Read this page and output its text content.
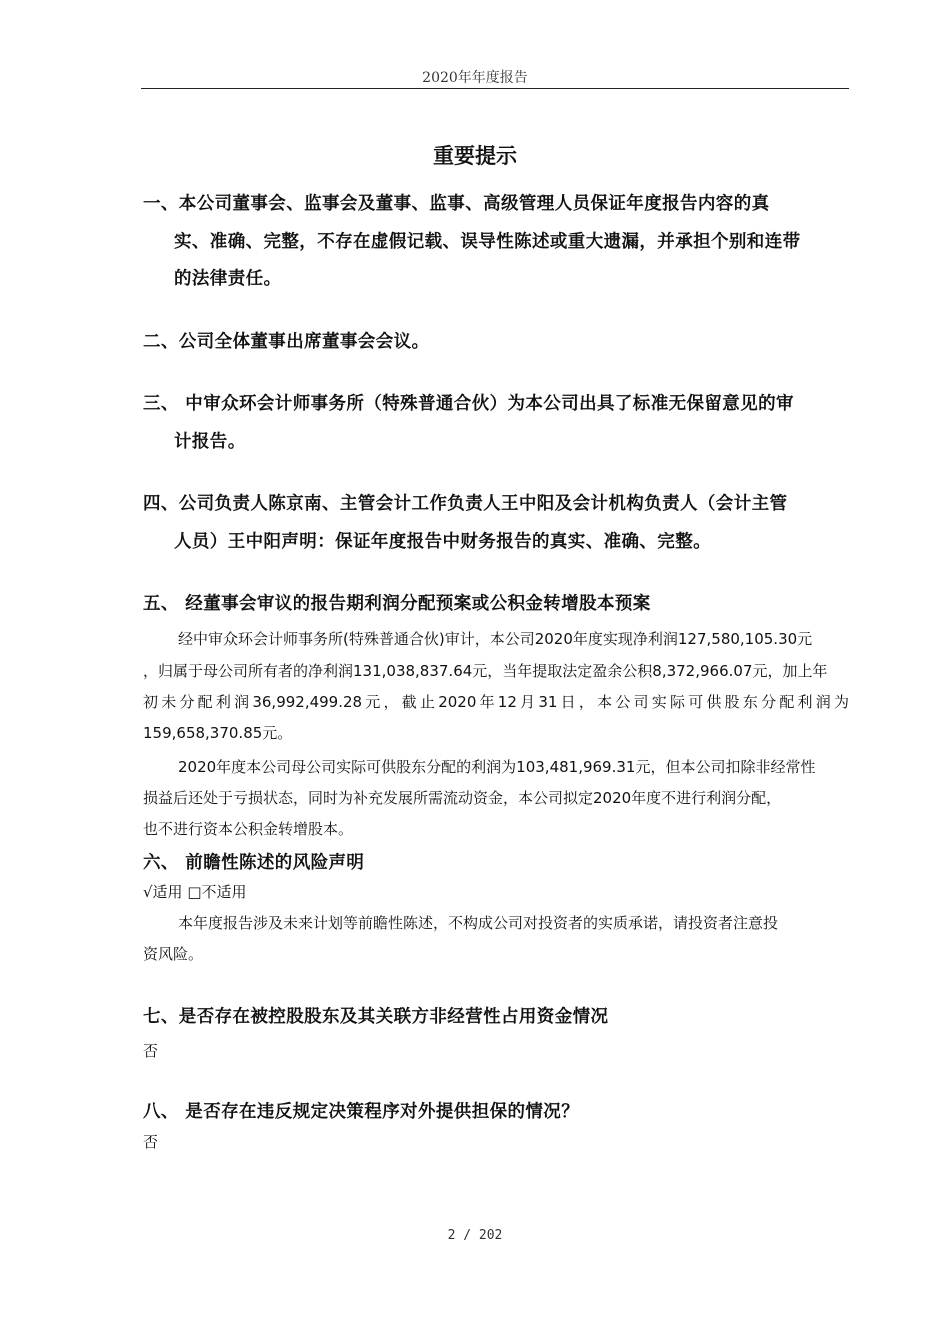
2020年年度报告
重要提示
一、本公司董事会、监事会及董事、监事、高级管理人员保证年度报告内容的真
实、准确、完整，不存在虚假记载、误导性陈述或重大遗漏，并承担个别和连带
的法律责任。
二、公司全体董事出席董事会会议。
三、 中审众环会计师事务所（特殊普通合伙）为本公司出具了标准无保留意见的审
计报告。
四、公司负责人陈京南、主管会计工作负责人王中阳及会计机构负责人（会计主管
人员）王中阳声明：保证年度报告中财务报告的真实、准确、完整。
五、 经董事会审议的报告期利润分配预案或公积金转增股本预案
经中审众环会计师事务所(特殊普通合伙)审计，本公司2020年度实现净利润127,580,105.30元
，归属于母公司所有者的净利润131,038,837.64元，当年提取法定盈余公积8,372,966.07元，加上年
初未分配利润36,992,499.28元，截止2020年12月31日，本公司实际可供股东分配利润为
159,658,370.85元。
2020年度本公司母公司实际可供股东分配的利润为103,481,969.31元，但本公司扣除非经常性
损益后还处于亏损状态，同时为补充发展所需流动资金，本公司拟定2020年度不进行利润分配，
也不进行资本公积金转增股本。
六、 前瞻性陈述的风险声明
√适用 □不适用
本年度报告涉及未来计划等前瞻性陈述，不构成公司对投资者的实质承诺，请投资者注意投
资风险。
七、是否存在被控股股东及其关联方非经营性占用资金情况
否
八、 是否存在违反规定决策程序对外提供担保的情况？
否
2 / 202
